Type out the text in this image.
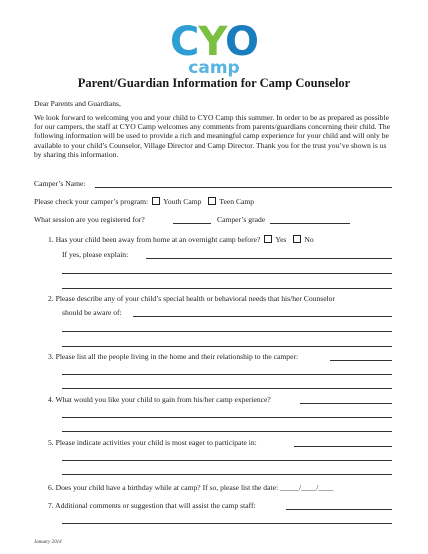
CYO
camp
Parent/Guardian Information for Camp Counselor
Dear Parents and Guardians,
We look forward to welcoming you and your child to CYO Camp this summer. In order to be as prepared as possible for our campers, the staff at CYO Camp welcomes any comments from parents/guardians concerning their child. The following information will be used to provide a rich and meaningful camp experience for your child and will only be available to your child’s Counselor, Village Director and Camp Director. Thank you for the trust you’ve shown is us by sharing this information.
Camper’s Name:
Please check your camper’s program: Youth Camp Teen Camp
What session are you registered for?	Camper’s grade
1. Has your child been away from home at an overnight camp before? Yes No
If yes, please explain:
2. Please describe any of your child’s special health or behavioral needs that his/her Counselor
should be aware of:
3. Please list all the people living in the home and their relationship to the camper:
4. What would you like your child to gain from his/her camp experience?
5. Please indicate activities your child is most eager to participate in:
6. Does your child have a birthday while at camp? If so, please list the date: _____/____/____
7. Additional comments or suggestion that will assist the camp staff:
January 2014
